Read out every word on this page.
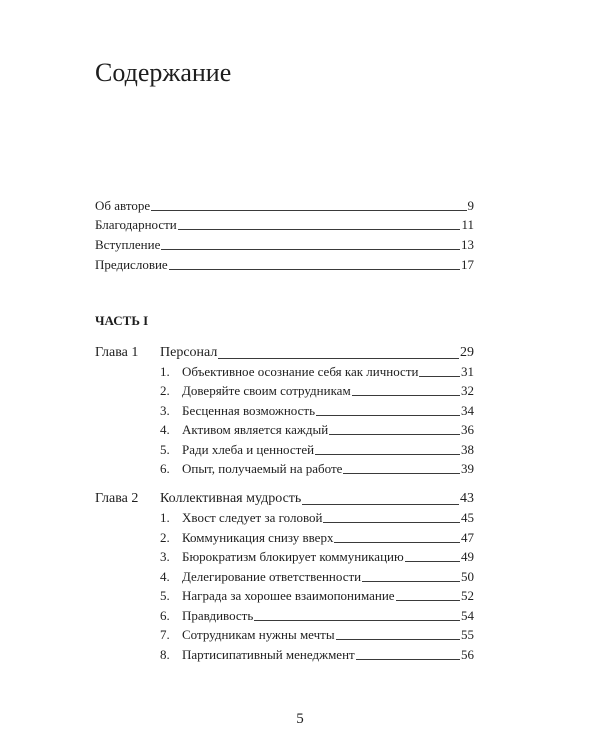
Содержание
Об авторе	9
Благодарности	11
Вступление	13
Предисловие	17
ЧАСТЬ I
Глава 1 Персонал	29
1. Объективное осознание себя как личности	31
2. Доверяйте своим сотрудникам	32
3. Бесценная возможность	34
4. Активом является каждый	36
5. Ради хлеба и ценностей	38
6. Опыт, получаемый на работе	39
Глава 2 Коллективная мудрость	43
1. Хвост следует за головой	45
2. Коммуникация снизу вверх	47
3. Бюрократизм блокирует коммуникацию	49
4. Делегирование ответственности	50
5. Награда за хорошее взаимопонимание	52
6. Правдивость	54
7. Сотрудникам нужны мечты	55
8. Партисипативный менеджмент	56
5
